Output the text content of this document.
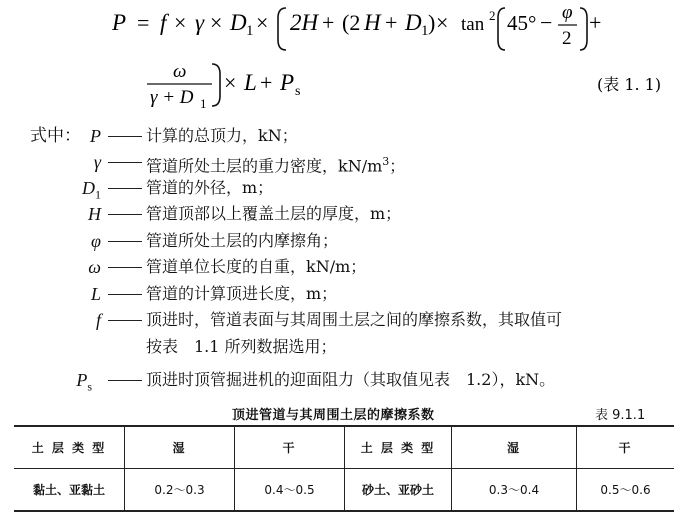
P = f × γ × D 1 × 2H + (2 H + D 1 ) × tan 2 45° − φ
2
+
ω
γ + D 1
× L + P s	(表 1. 1)
式中： P	计算的总顶力，kN；
γ	管道所处土层的重力密度，$kN/m^3$；
$D_1$	管道的外径，m；
H	管道顶部以上覆盖土层的厚度，m；
φ	管道所处土层的内摩擦角；
ω	管道单位长度的自重，kN/m；
L	管道的计算顶进长度，m；
f	顶进时，管道表面与其周围土层之间的摩擦系数，其取值可
按表　1.1 所列数据选用；
$P_s$	顶进时顶管掘进机的迎面阻力（其取值见表　1.2），kN。
顶进管道与其周围土层的摩擦系数	表 9.1.1
土 层 类 型	湿	干	土 层 类 型	湿	干
黏土、亚黏土	0.2～0.3	0.4～0.5	砂土、亚砂土	0.3～0.4	0.5～0.6
